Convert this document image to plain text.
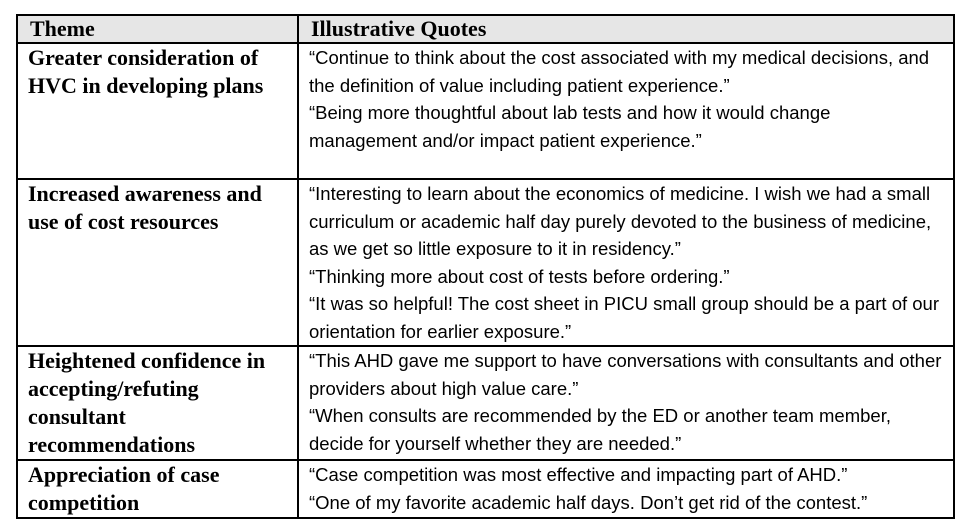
Theme	Illustrative Quotes
Greater consideration of HVC in developing plans	“Continue to think about the cost associated with my medical decisions, and the definition of value including patient experience.”
“Being more thoughtful about lab tests and how it would change management and/or impact patient experience.”

Increased awareness and use of cost resources	“Interesting to learn about the economics of medicine. I wish we had a small curriculum or academic half day purely devoted to the business of medicine, as we get so little exposure to it in residency.”
“Thinking more about cost of tests before ordering.”
“It was so helpful! The cost sheet in PICU small group should be a part of our orientation for earlier exposure.”

Heightened confidence in accepting/refuting consultant recommendations	“This AHD gave me support to have conversations with consultants and other providers about high value care.”
“When consults are recommended by the ED or another team member, decide for yourself whether they are needed.”

Appreciation of case competition	“Case competition was most effective and impacting part of AHD.”
“One of my favorite academic half days. Don’t get rid of the contest.”
